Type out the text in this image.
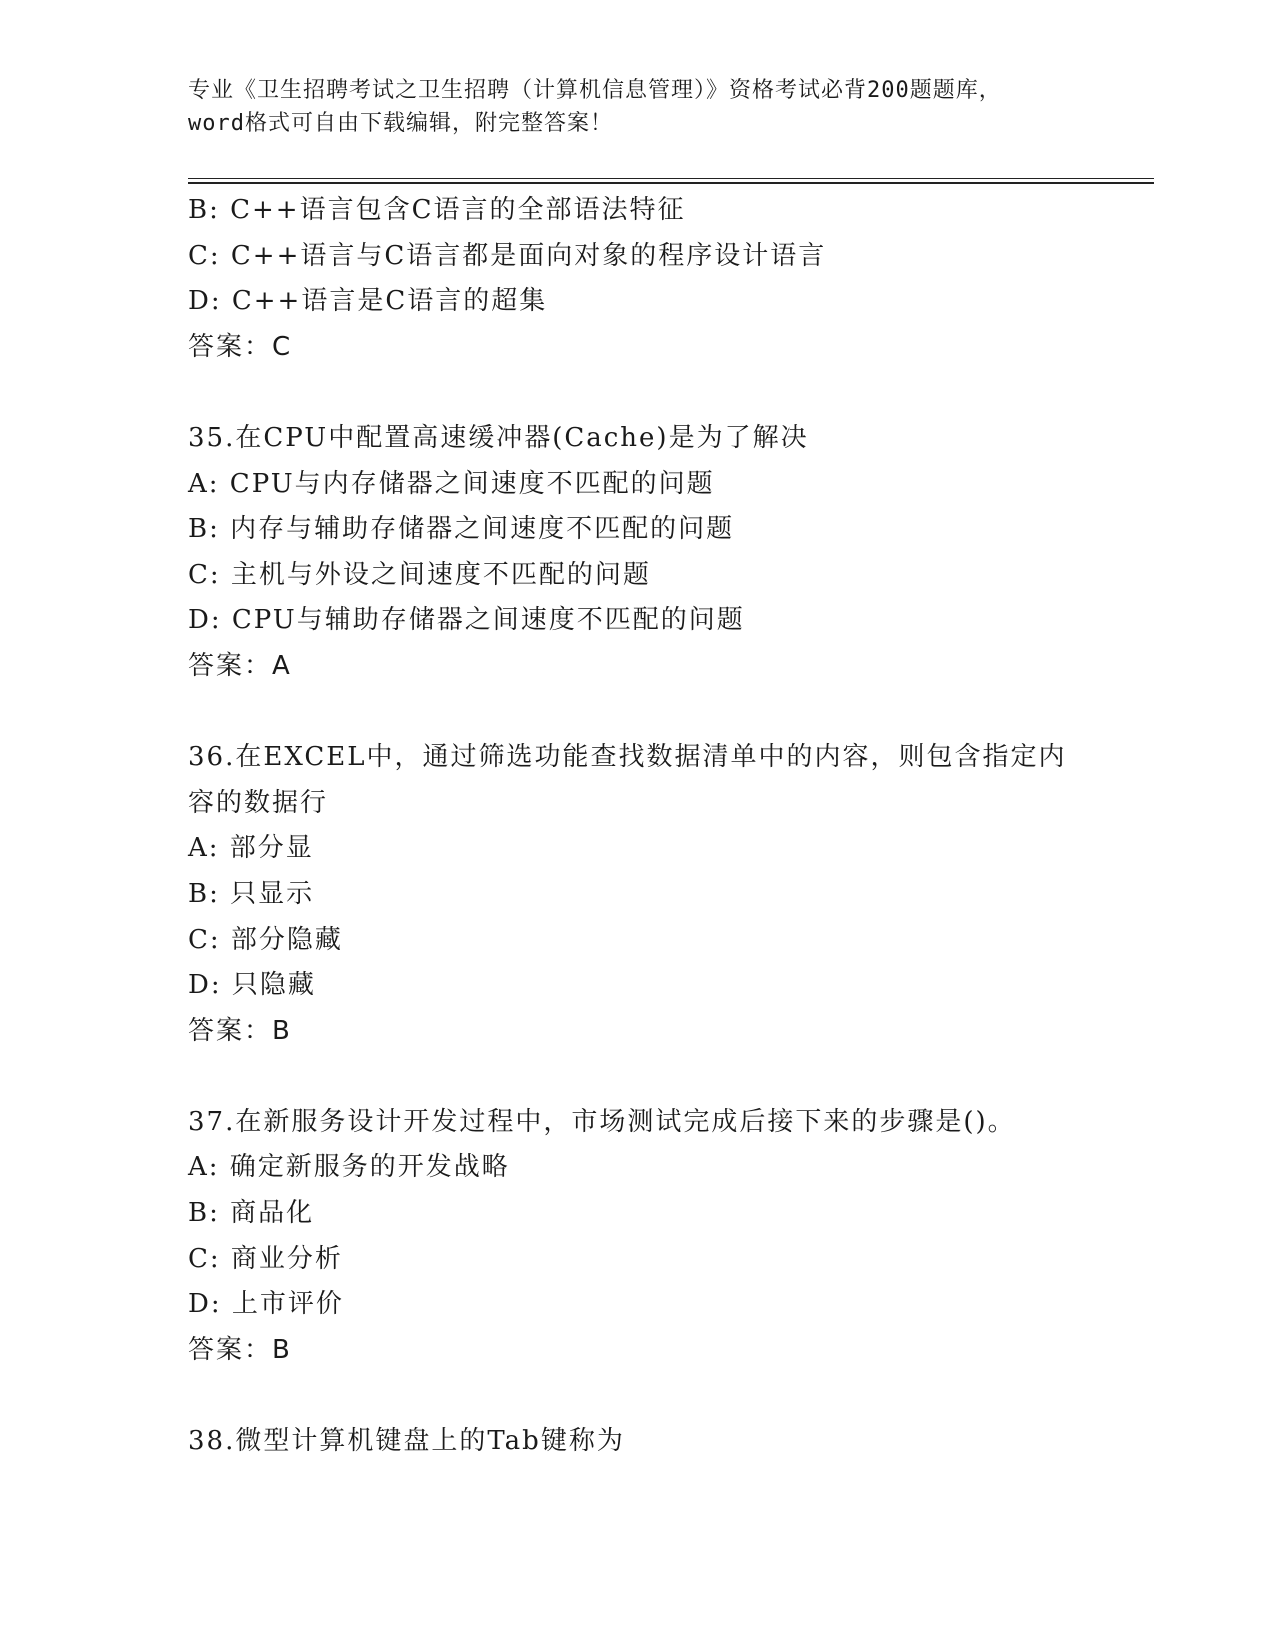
专业《卫生招聘考试之卫生招聘（计算机信息管理）》资格考试必背200题题库，
word格式可自由下载编辑，附完整答案！
B: C++语言包含C语言的全部语法特征
C: C++语言与C语言都是面向对象的程序设计语言
D: C++语言是C语言的超集
答案：C
35.在CPU中配置高速缓冲器(Cache)是为了解决
A: CPU与内存储器之间速度不匹配的问题
B: 内存与辅助存储器之间速度不匹配的问题
C: 主机与外设之间速度不匹配的问题
D: CPU与辅助存储器之间速度不匹配的问题
答案：A
36.在EXCEL中，通过筛选功能查找数据清单中的内容，则包含指定内
容的数据行
A: 部分显
B: 只显示
C: 部分隐藏
D: 只隐藏
答案：B
37.在新服务设计开发过程中，市场测试完成后接下来的步骤是()。
A: 确定新服务的开发战略
B: 商品化
C: 商业分析
D: 上市评价
答案：B
38.微型计算机键盘上的Tab键称为
